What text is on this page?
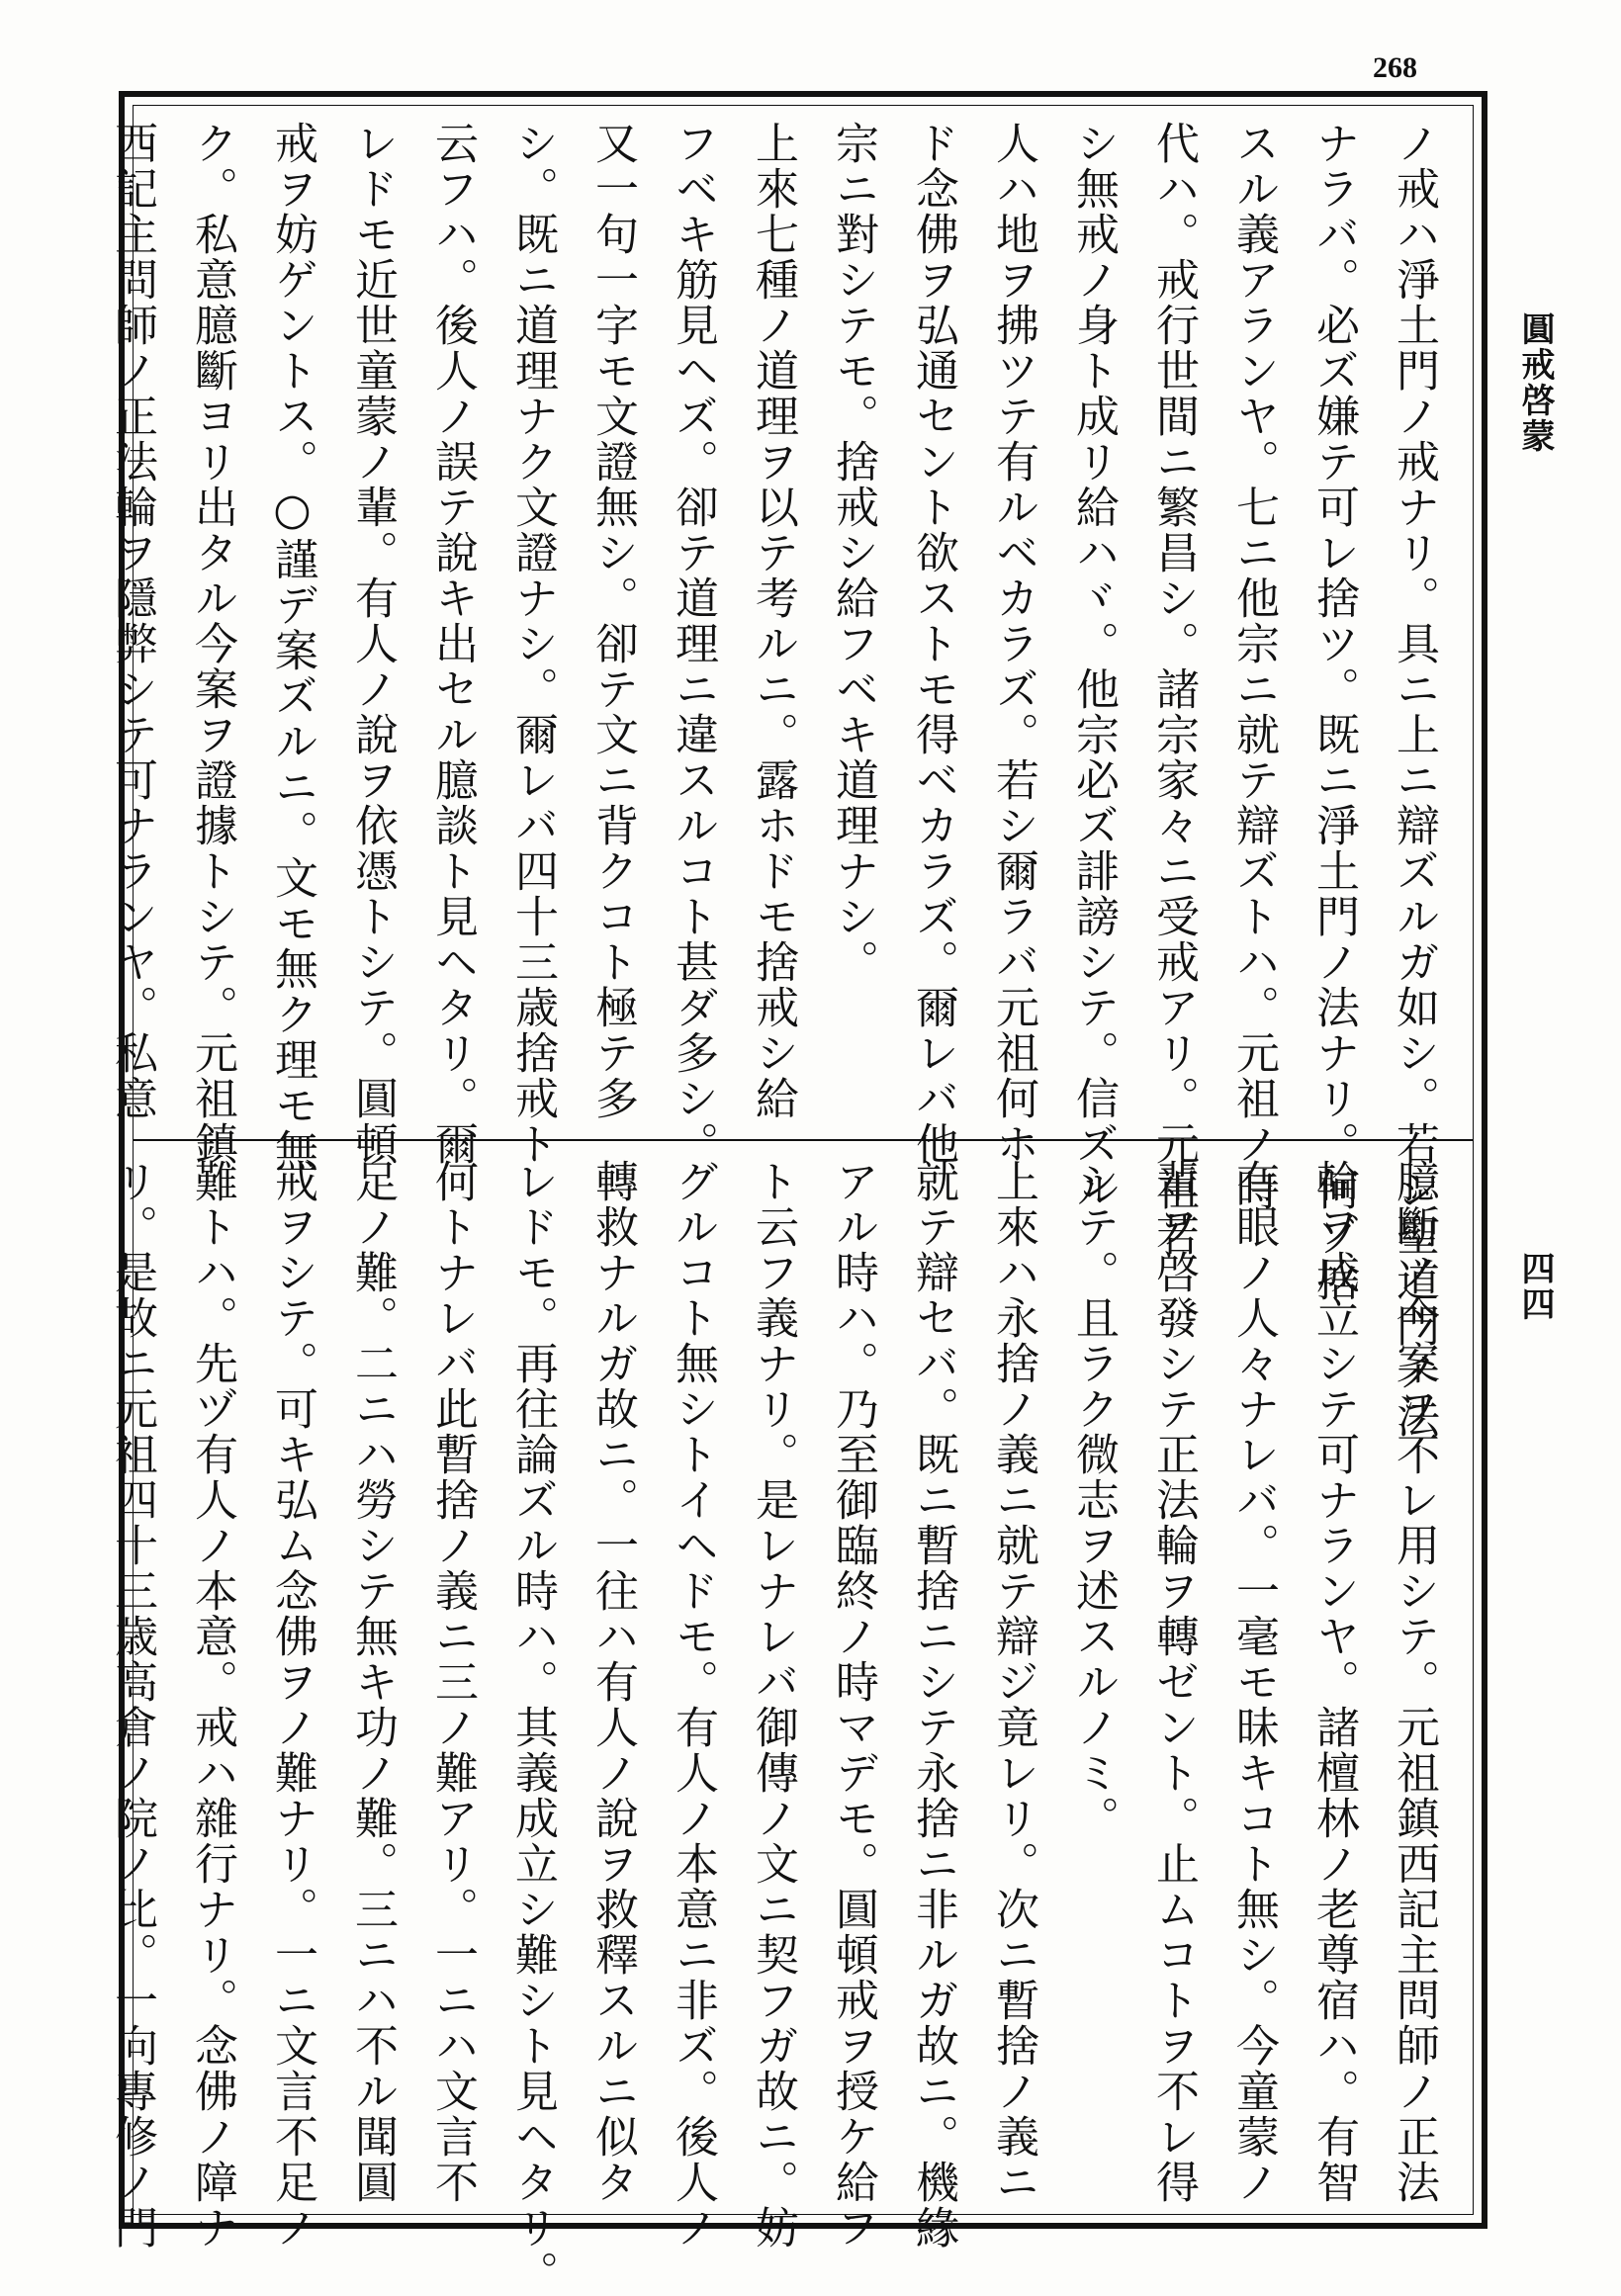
268
圓戒啓蒙
四四
ノ戒ハ淨土門ノ戒ナリ。具ニ上ニ辯ズルガ如シ。若シ聖道門ノ法
ナラバ。必ズ嫌テ可レ捨ツ。既ニ淨土門ノ法ナリ。何ゾ捨
スル義アランヤ。七ニ他宗ニ就テ辯ズトハ。元祖ノ時
代ハ。戒行世間ニ繁昌シ。諸宗家々ニ受戒アリ。元祖若
シ無戒ノ身ト成リ給ハヾ。他宗必ズ誹謗シテ。信ズル
人ハ地ヲ拂ツテ有ルベカラズ。若シ爾ラバ元祖何ホ
ド念佛ヲ弘通セント欲ストモ得ベカラズ。爾レバ他
宗ニ對シテモ。捨戒シ給フベキ道理ナシ。
上來七種ノ道理ヲ以テ考ルニ。露ホドモ捨戒シ給
フベキ筋見ヘズ。卻テ道理ニ違スルコト甚ダ多シ。
又一句一字モ文證無シ。卻テ文ニ背クコト極テ多
シ。既ニ道理ナク文證ナシ。爾レバ四十三歳捨戒ト
云フハ。後人ノ誤テ說キ出セル臆談ト見ヘタリ。爾
レドモ近世童蒙ノ輩。有人ノ說ヲ依憑トシテ。圓頓
戒ヲ妨ゲントス。○謹デ案ズルニ。文モ無ク理モ無
ク。私意臆斷ヨリ出タル今案ヲ證據トシテ。元祖鎮
西記主問師ノ正法輪ヲ隱弊シテ可ナランヤ。私意
臆斷ノ今案ヲ不レ用シテ。元祖鎮西記主問師ノ正法
輪ヲ成立シテ可ナランヤ。諸檀林ノ老尊宿ハ。有智
有眼ノ人々ナレバ。一毫モ昧キコト無シ。今童蒙ノ
輩ヲ啓發シテ正法輪ヲ轉ゼント。止ムコトヲ不レ得
シテ。且ラク微志ヲ述スルノミ。
上來ハ永捨ノ義ニ就テ辯ジ竟レリ。次ニ暫捨ノ義ニ
就テ辯セバ。既ニ暫捨ニシテ永捨ニ非ルガ故ニ。機緣
アル時ハ。乃至御臨終ノ時マデモ。圓頓戒ヲ授ケ給フ
ト云フ義ナリ。是レナレバ御傳ノ文ニ契フガ故ニ。妨
グルコト無シトイヘドモ。有人ノ本意ニ非ズ。後人ノ
轉救ナルガ故ニ。一往ハ有人ノ說ヲ救釋スルニ似タ
レドモ。再往論ズル時ハ。其義成立シ難シト見ヘタリ。
何トナレバ此暫捨ノ義ニ三ノ難アリ。一ニハ文言不
足ノ難。二ニハ勞シテ無キ功ノ難。三ニハ不ル聞圓
戒ヲシテ。可キ弘ム念佛ヲノ難ナリ。一ニ文言不足ノ
難トハ。先ヅ有人ノ本意。戒ハ雜行ナリ。念佛ノ障ナ
リ。是故ニ元祖四十三歳高倉ノ院ノ比。一向專修ノ門
